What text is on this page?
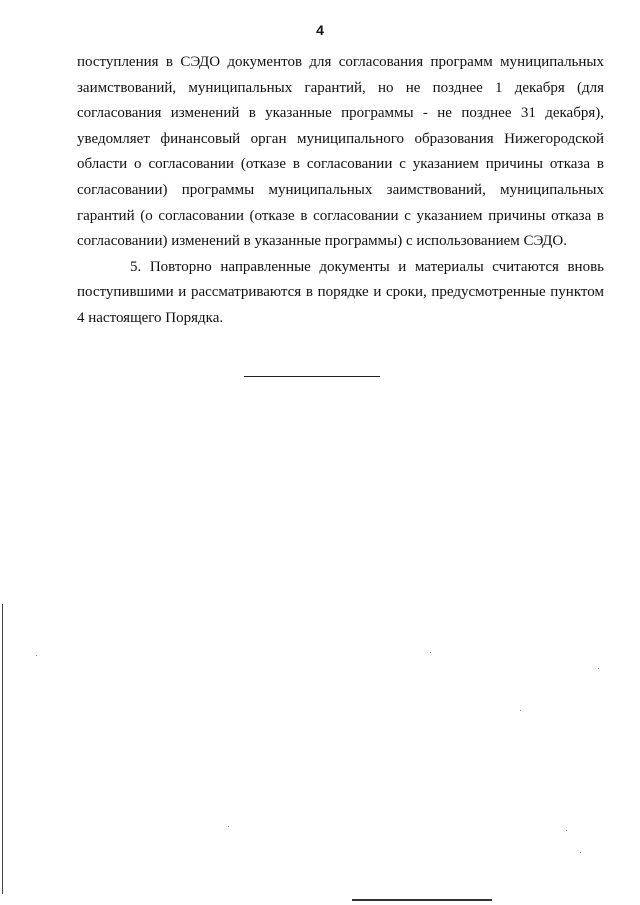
4

поступления в СЭДО документов для согласования программ муниципальных заимствований, муниципальных гарантий, но не позднее 1 декабря (для согласования изменений в указанные программы - не позднее 31 декабря), уведомляет финансовый орган муниципального образования Нижегородской области о согласовании (отказе в согласовании с указанием причины отказа в согласовании) программы муниципальных заимствований, муниципальных гарантий (о согласовании (отказе в согласовании с указанием причины отказа в согласовании) изменений в указанные программы) с использованием СЭДО.

5. Повторно направленные документы и материалы считаются вновь поступившими и рассматриваются в порядке и сроки, предусмотренные пунктом 4 настоящего Порядка.
